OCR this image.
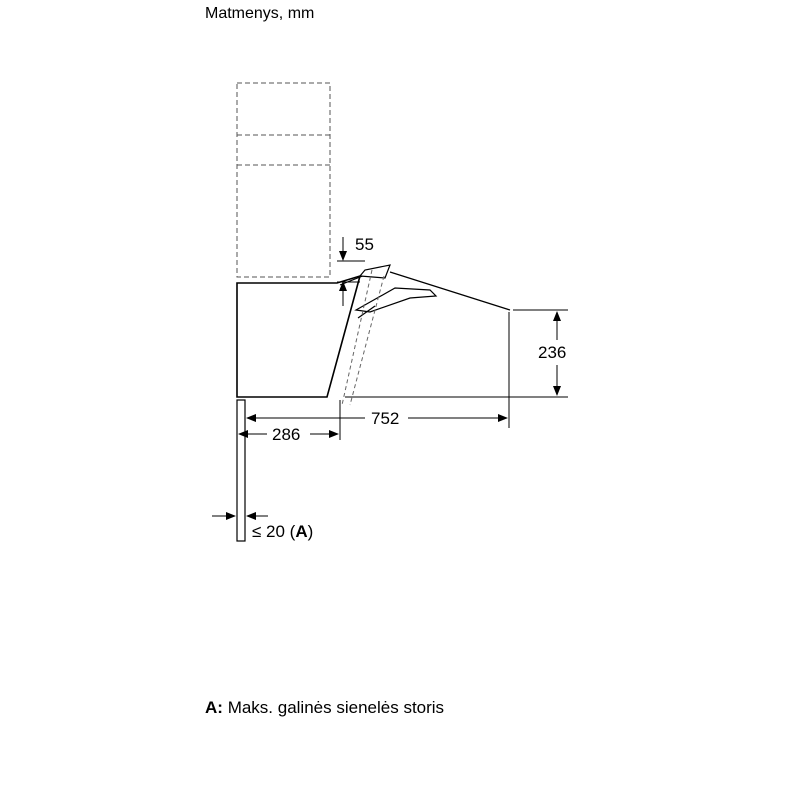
Matmenys, mm
55
236
752
286
≤ 20 (A)
A: Maks. galinės sienelės storis
